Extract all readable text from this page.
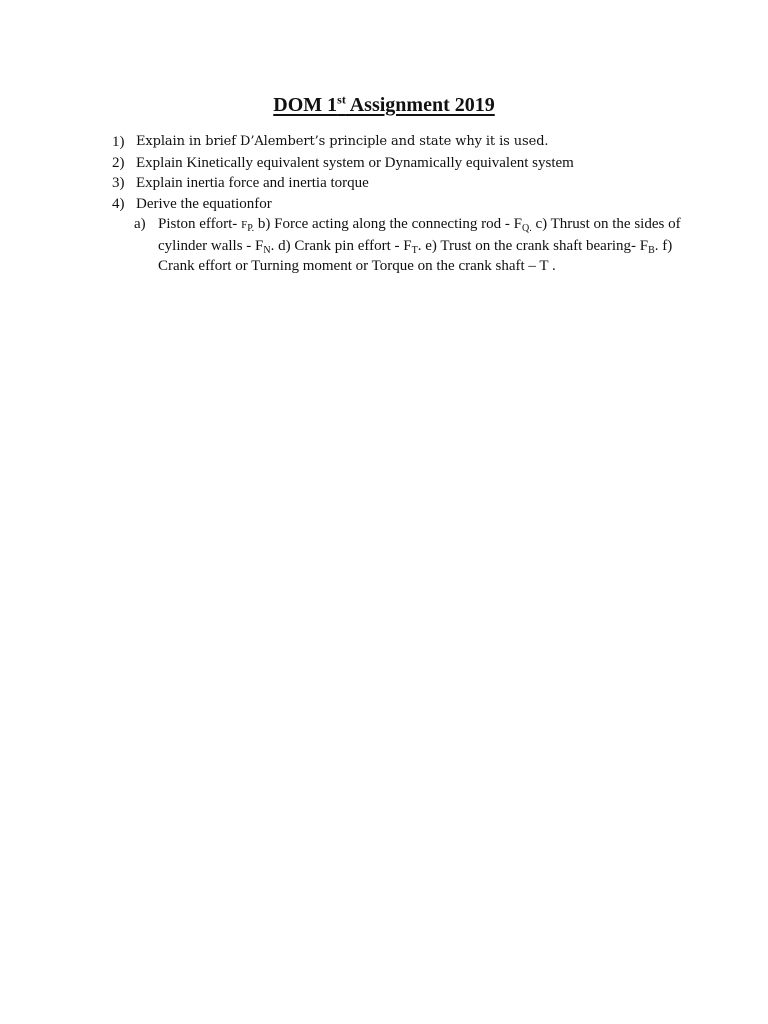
DOM 1st Assignment 2019
1) Explain in brief D’Alembert’s principle and state why it is used.
2) Explain Kinetically equivalent system or Dynamically equivalent system
3) Explain inertia force and inertia torque
4) Derive the equationfor
a) Piston effort- $F_{P.}$ b) Force acting along the connecting rod - $F_{Q.}$ c) Thrust on the sides of cylinder walls - $F_N$. d) Crank pin effort - $F_T$. e) Trust on the crank shaft bearing- $F_B$. f) Crank effort or Turning moment or Torque on the crank shaft – T .
